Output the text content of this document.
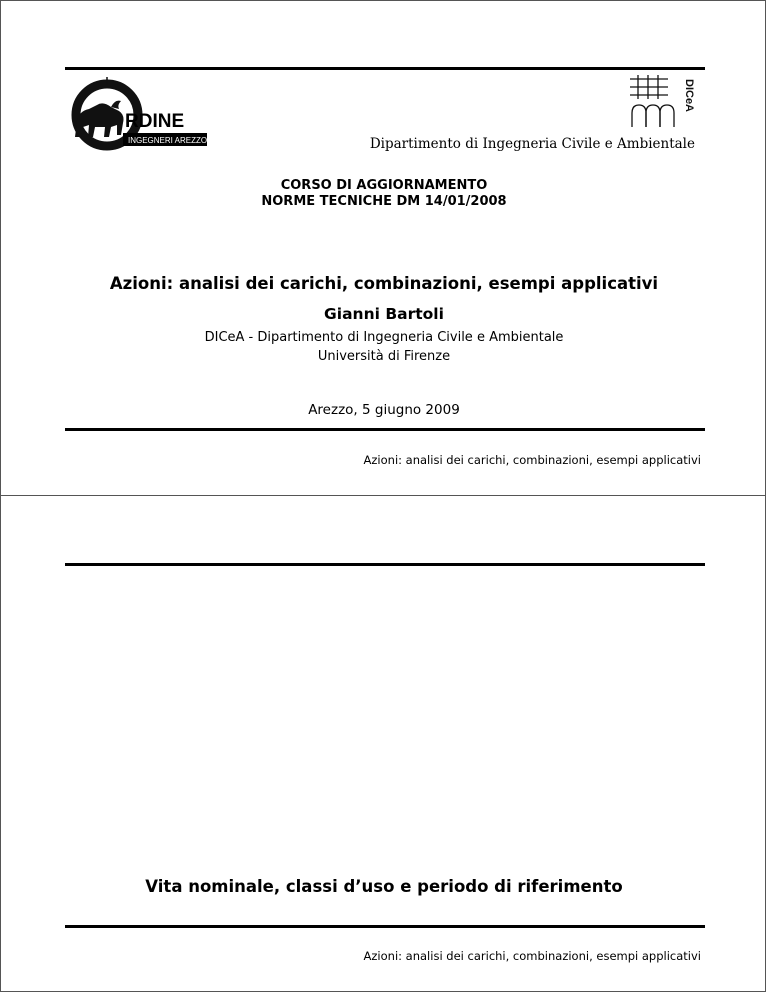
RDINE
INGEGNERI AREZZO
DICeA
Dipartimento di Ingegneria Civile e Ambientale
CORSO DI AGGIORNAMENTO
NORME TECNICHE DM 14/01/2008
Azioni: analisi dei carichi, combinazioni, esempi applicativi
Gianni Bartoli
DICeA - Dipartimento di Ingegneria Civile e Ambientale
Università di Firenze
Arezzo, 5 giugno 2009
Azioni: analisi dei carichi, combinazioni, esempi applicativi
Vita nominale, classi d’uso e periodo di riferimento
Azioni: analisi dei carichi, combinazioni, esempi applicativi
